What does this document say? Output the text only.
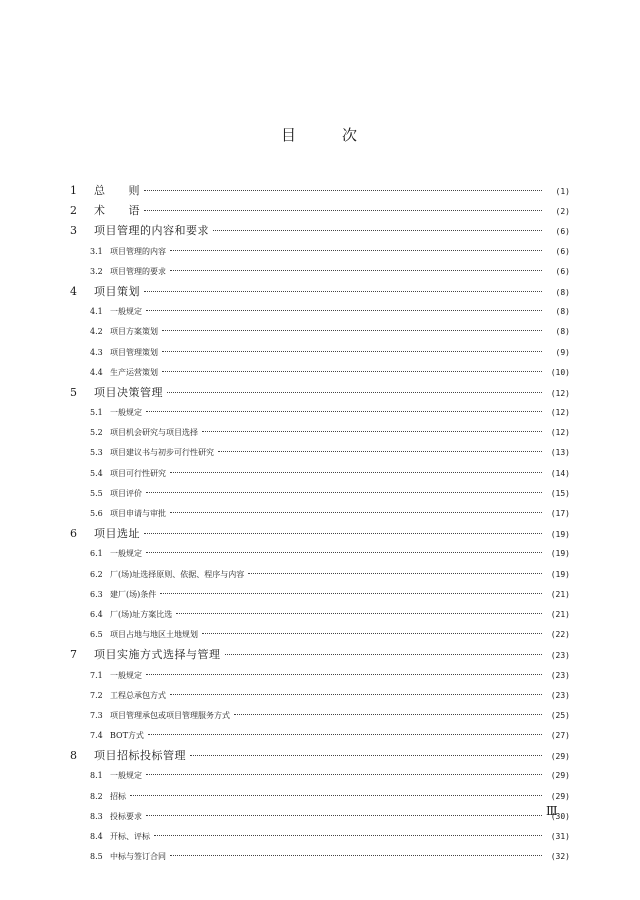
目	次
1	总　　则	(1)
2	术　　语	(2)
3	项目管理的内容和要求	(6)
3.1 项目管理的内容	(6)
3.2 项目管理的要求	(6)
4	项目策划	(8)
4.1 一般规定	(8)
4.2 项目方案策划	(8)
4.3 项目管理策划	(9)
4.4 生产运营策划	(10)
5	项目决策管理	(12)
5.1 一般规定	(12)
5.2 项目机会研究与项目选择	(12)
5.3 项目建议书与初步可行性研究	(13)
5.4 项目可行性研究	(14)
5.5 项目评价	(15)
5.6 项目申请与审批	(17)
6	项目选址	(19)
6.1 一般规定	(19)
6.2 厂(场)址选择原则、依据、程序与内容	(19)
6.3 建厂(场)条件	(21)
6.4 厂(场)址方案比选	(21)
6.5 项目占地与地区土地规划	(22)
7	项目实施方式选择与管理	(23)
7.1 一般规定	(23)
7.2 工程总承包方式	(23)
7.3 项目管理承包或项目管理服务方式	(25)
7.4 BOT方式	(27)
8	项目招标投标管理	(29)
8.1 一般规定	(29)
8.2 招标	(29)
8.3 投标要求	(30)
8.4 开标、评标	(31)
8.5 中标与签订合同	(32)
Ⅲ
